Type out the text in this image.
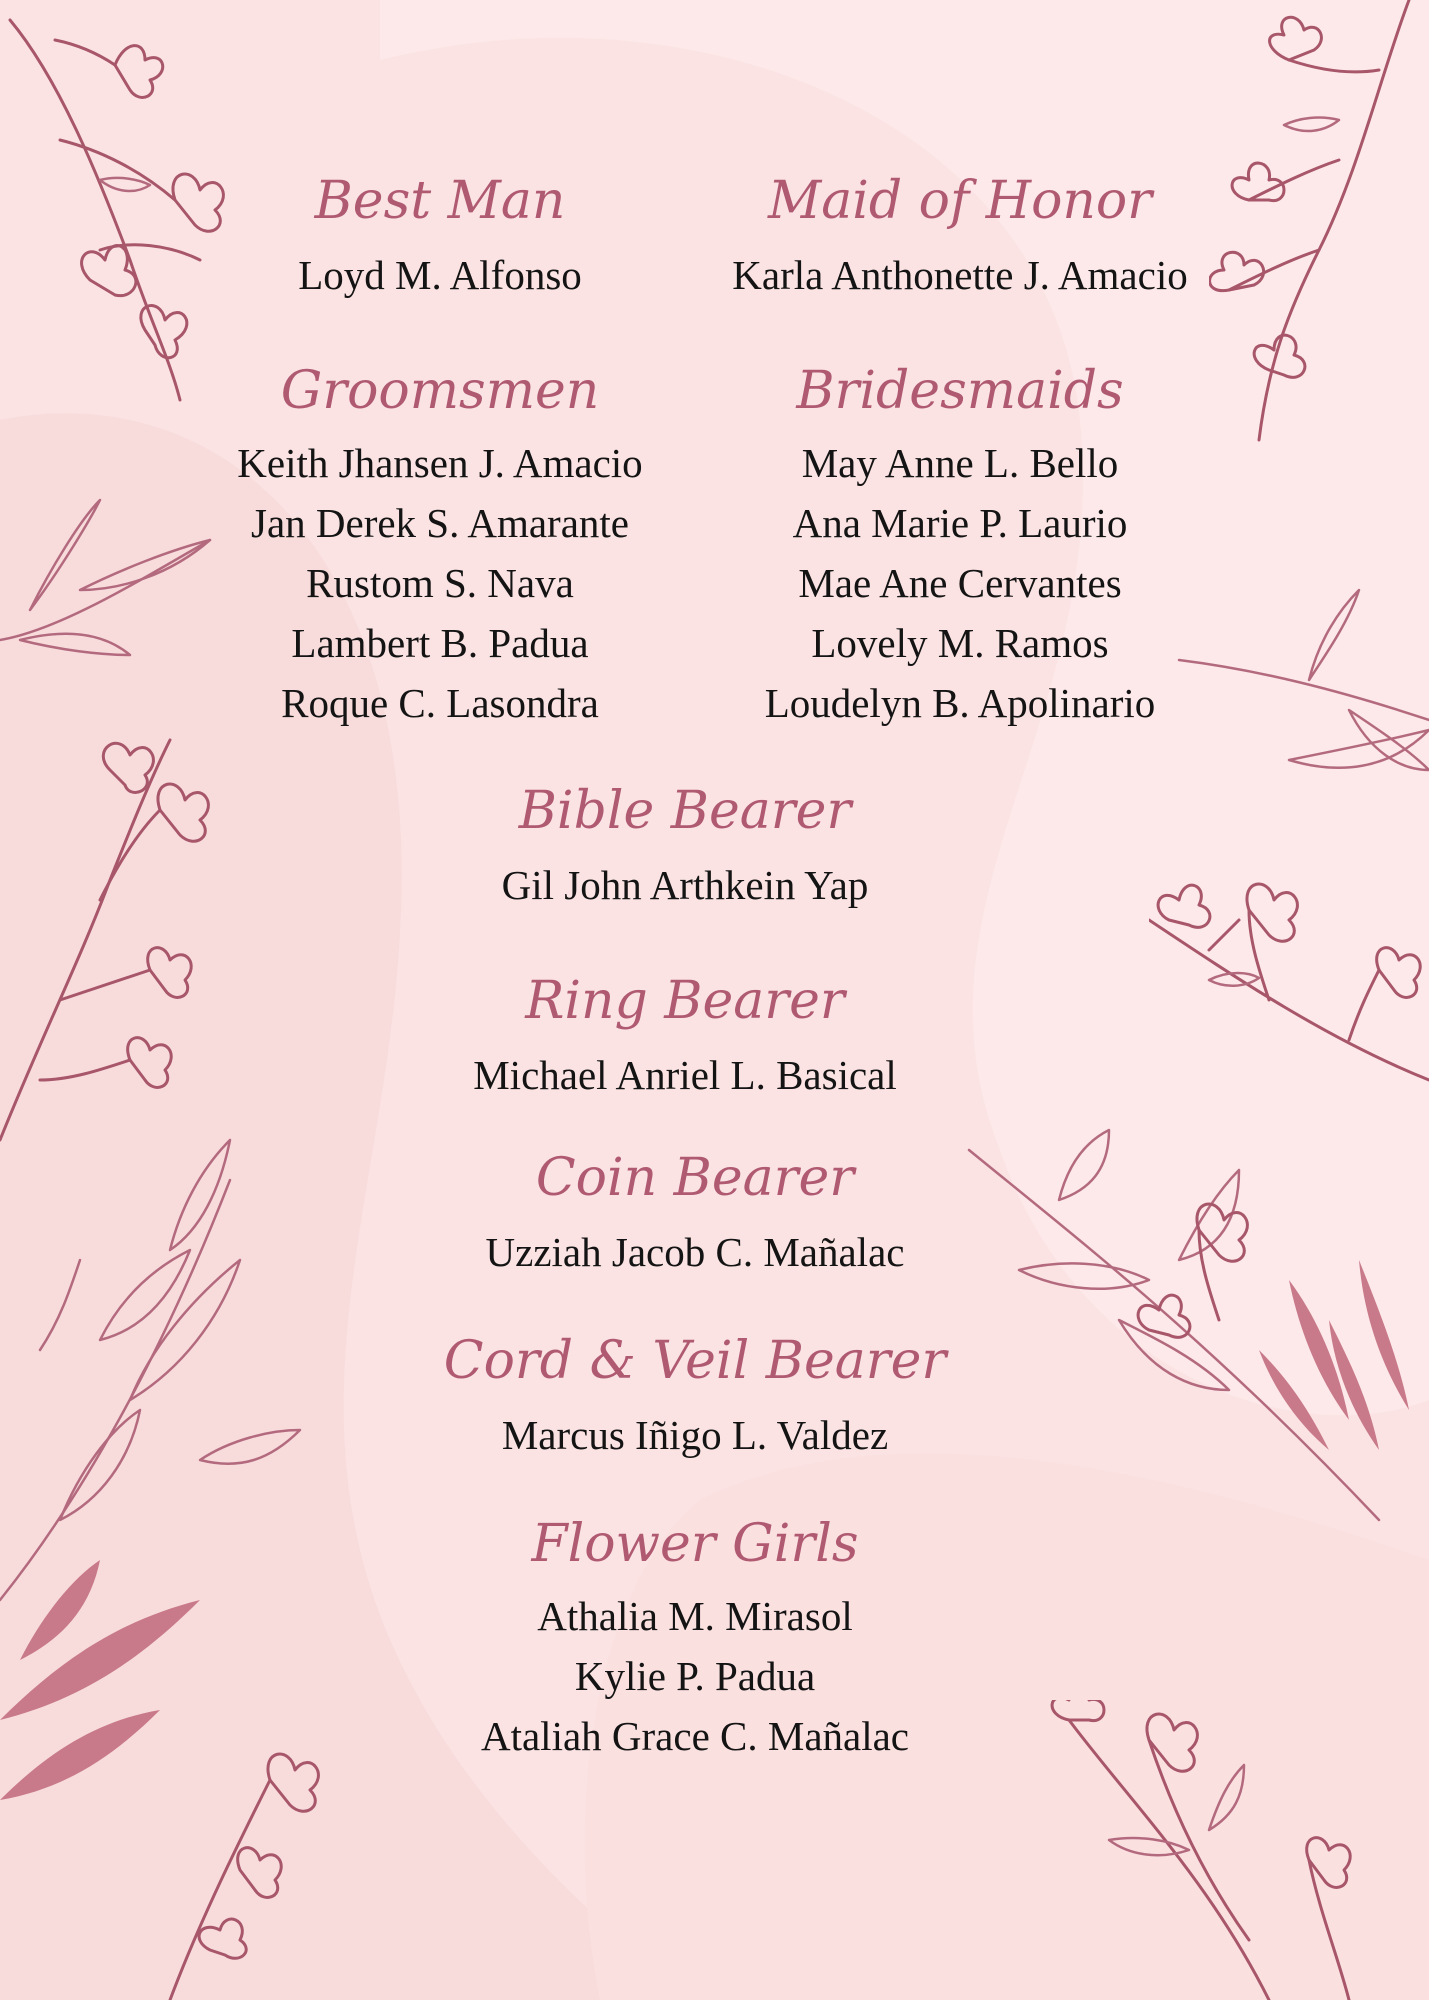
Best Man
Loyd M. Alfonso
Maid of Honor
Karla Anthonette J. Amacio
Groomsmen
Keith Jhansen J. Amacio
Jan Derek S. Amarante
Rustom S. Nava
Lambert B. Padua
Roque C. Lasondra
Bridesmaids
May Anne L. Bello
Ana Marie P. Laurio
Mae Ane Cervantes
Lovely M. Ramos
Loudelyn B. Apolinario
Bible Bearer
Gil John Arthkein Yap
Ring Bearer
Michael Anriel L. Basical
Coin Bearer
Uzziah Jacob C. Mañalac
Cord & Veil Bearer
Marcus Iñigo L. Valdez
Flower Girls
Athalia M. Mirasol
Kylie P. Padua
Ataliah Grace C. Mañalac
